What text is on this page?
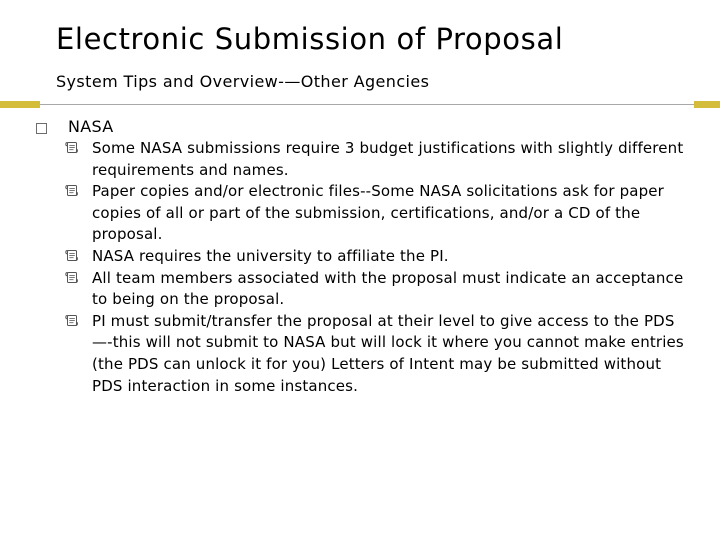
Electronic Submission of Proposal
System Tips and Overview-—Other Agencies
NASA
Some NASA submissions require 3 budget justifications with slightly different requirements and names.
Paper copies and/or electronic files--Some NASA solicitations ask for paper copies of all or part of the submission, certifications, and/or a CD of the proposal.
NASA requires the university to affiliate the PI.
All team members associated with the proposal must indicate an acceptance to being on the proposal.
PI must submit/transfer the proposal at their level to give access to the PDS —-this will not submit to NASA but will lock it where you cannot make entries (the PDS can unlock it for you) Letters of Intent may be submitted without PDS interaction in some instances.
